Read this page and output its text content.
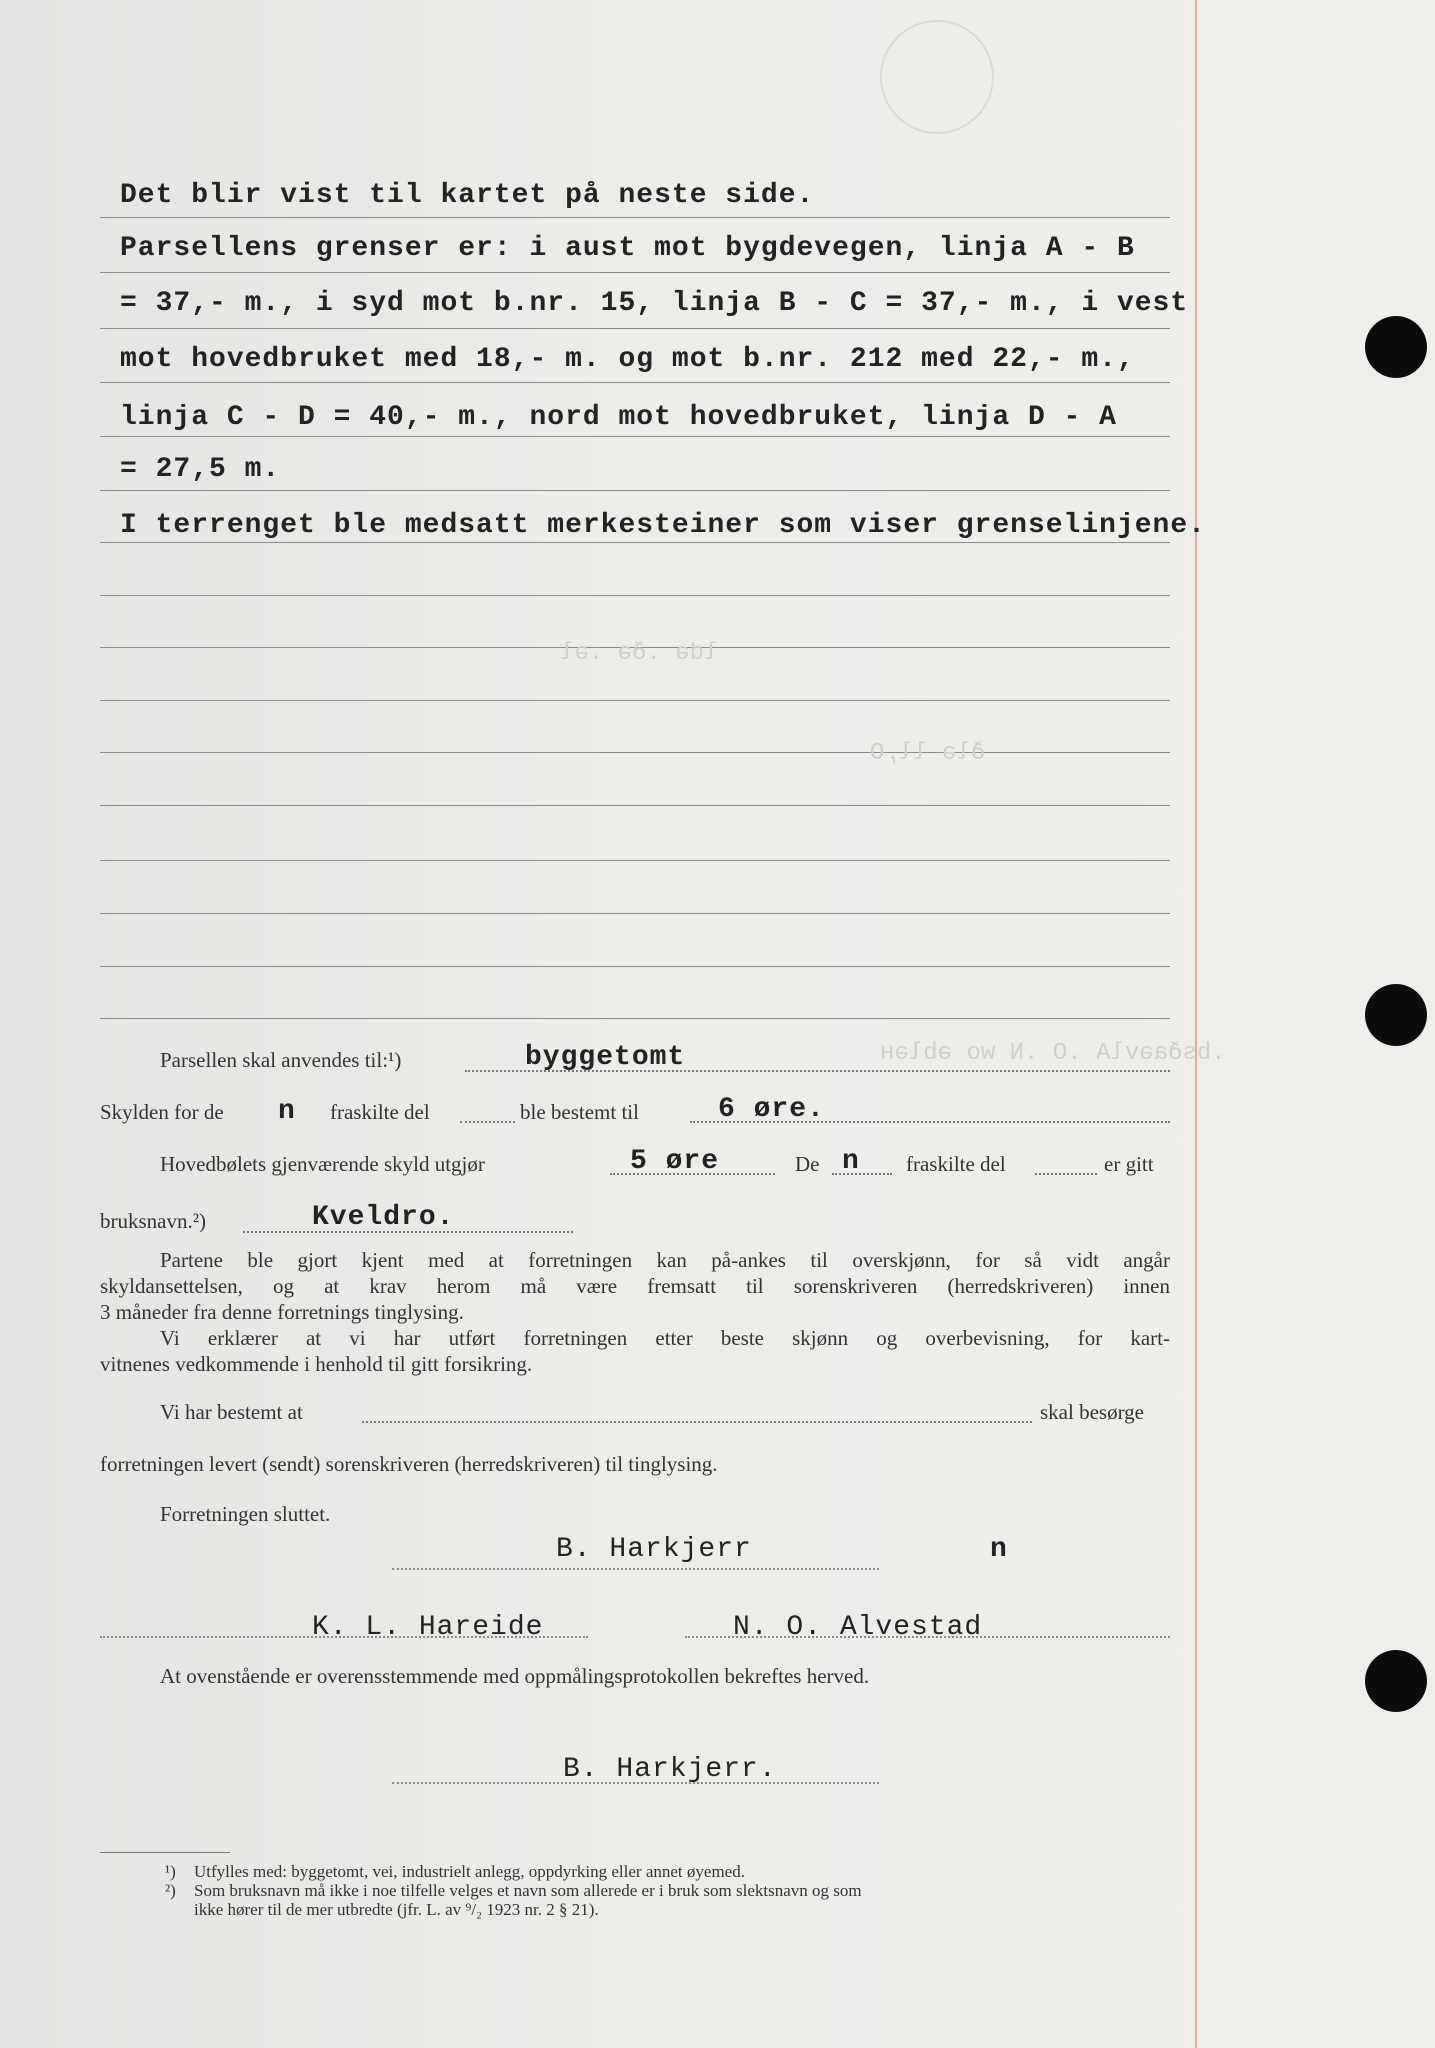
ldə .ðə .əl
ðlə ll,O
.bsðaəvlA .O .N wo əbləʜ
Det blir vist til kartet på neste side.
Parsellens grenser er: i aust mot bygdevegen, linja A - B
= 37,- m., i syd mot b.nr. 15, linja B - C = 37,- m., i vest
mot hovedbruket med 18,- m. og mot b.nr. 212 med 22,- m.,
linja C - D = 40,- m., nord mot hovedbruket, linja D - A
= 27,5 m.
I terrenget ble medsatt merkesteiner som viser grenselinjene.
Parsellen skal anvendes til:¹)	byggetomt
Skylden for de n fraskilte del	ble bestemt til	6 øre.
Hovedbølets gjenværende skyld utgjør	5 øre	De n fraskilte del	er gitt
bruksnavn.²)	Kveldro.
Partene ble gjort kjent med at forretningen kan på-ankes til overskjønn, for så vidt angår
skyldansettelsen, og at krav herom må være fremsatt til sorenskriveren (herredskriveren) innen
3 måneder fra denne forretnings tinglysing.
Vi erklærer at vi har utført forretningen etter beste skjønn og overbevisning, for kart-
vitnenes vedkommende i henhold til gitt forsikring.
Vi har bestemt at	skal besørge
forretningen levert (sendt) sorenskriveren (herredskriveren) til tinglysing.
Forretningen sluttet.
B. Harkjerr	n
K. L. Hareide	N. O. Alvestad
At ovenstående er overensstemmende med oppmålingsprotokollen bekreftes herved.
B. Harkjerr.
¹) Utfylles med: byggetomt, vei, industrielt anlegg, oppdyrking eller annet øyemed.
²) Som bruksnavn må ikke i noe tilfelle velges et navn som allerede er i bruk som slektsnavn og som
ikke hører til de mer utbredte (jfr. L. av ⁹/₂ 1923 nr. 2 § 21).
